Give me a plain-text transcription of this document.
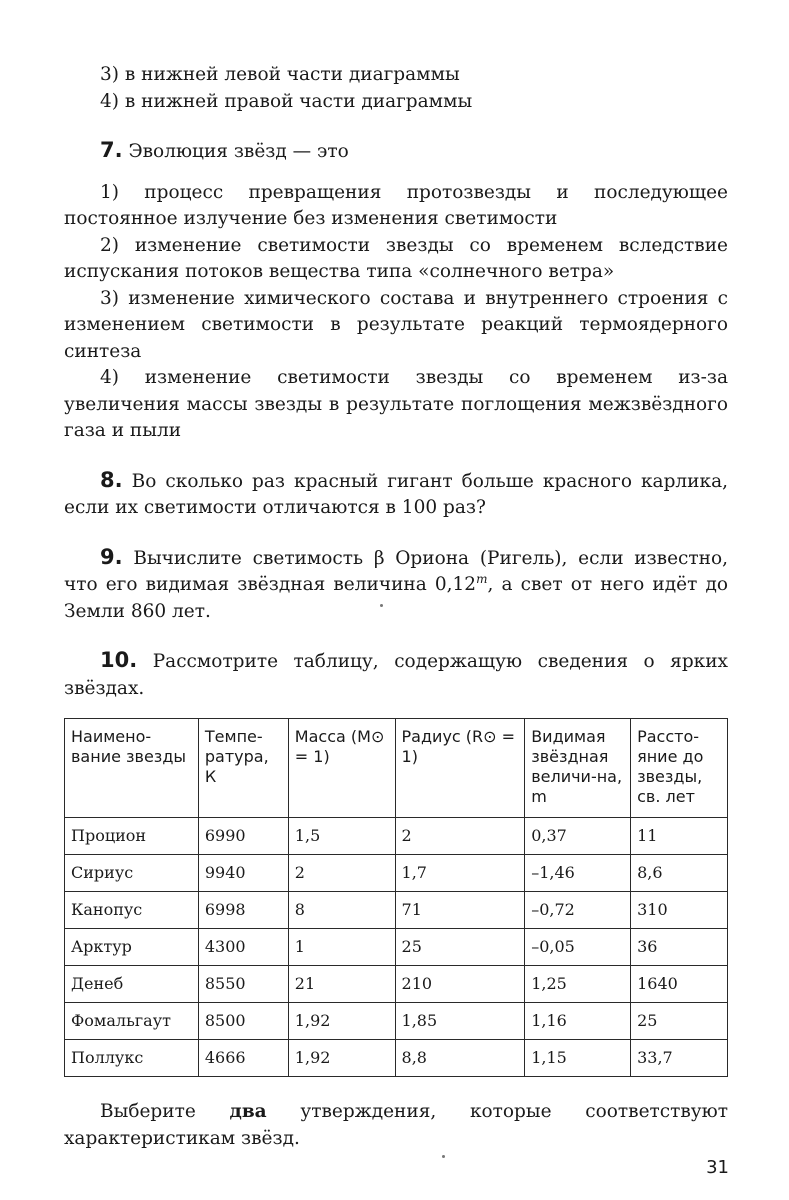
3) в нижней левой части диаграммы

4) в нижней правой части диаграммы

7. Эволюция звёзд — это

1) процесс превращения протозвезды и последующее постоянное излучение без изменения светимости

2) изменение светимости звезды со временем вследствие испускания потоков вещества типа «солнечного ветра»

3) изменение химического состава и внутреннего строения с изменением светимости в результате реакций термоядерного синтеза

4) изменение светимости звезды со временем из-за увеличения массы звезды в результате поглощения межзвёздного газа и пыли

8. Во сколько раз красный гигант больше красного карлика, если их светимости отличаются в 100 раз?

9. Вычислите светимость β Ориона (Ригель), если известно, что его видимая звёздная величина 0,12$^m$, а свет от него идёт до Земли 860 лет.

10. Рассмотрите таблицу, содержащую сведения о ярких звёздах.

Наимено-вание звезды	Темпе-ратура, К	Масса (M⊙ = 1)	Радиус (R⊙ = 1)	Видимая звёздная величи-на, m	Рассто-яние до звезды, св. лет
Процион	6990	1,5	2	0,37	11
Сириус	9940	2	1,7	–1,46	8,6
Канопус	6998	8	71	–0,72	310
Арктур	4300	1	25	–0,05	36
Денеб	8550	21	210	1,25	1640
Фомальгаут	8500	1,92	1,85	1,16	25
Поллукс	4666	1,92	8,8	1,15	33,7

Выберите два утверждения, которые соответствуют характеристикам звёзд.

31
